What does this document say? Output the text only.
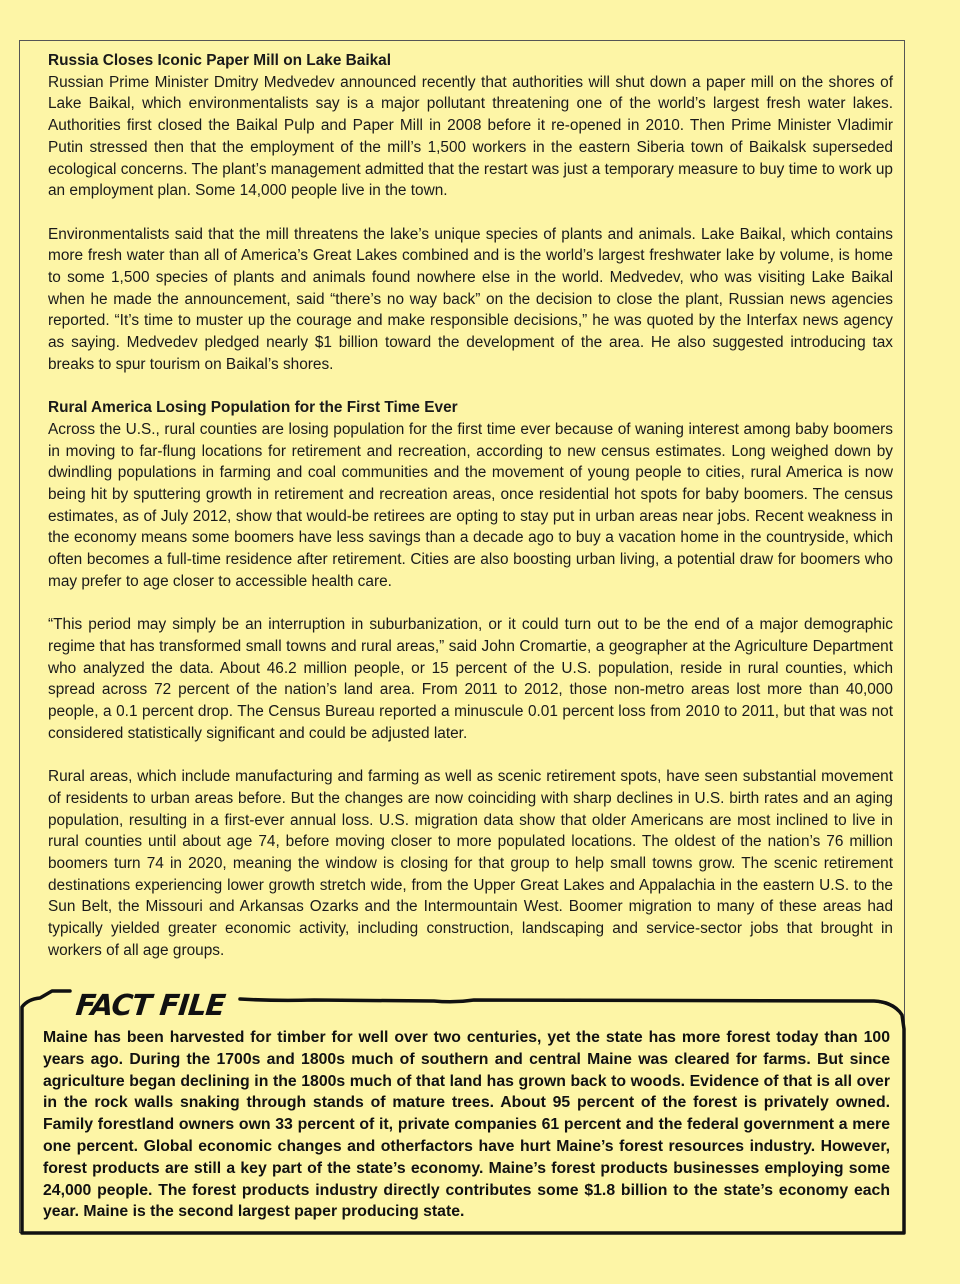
Russia Closes Iconic Paper Mill on Lake Baikal

Russian Prime Minister Dmitry Medvedev announced recently that authorities will shut down a paper mill on the shores of Lake Baikal, which environmentalists say is a major pollutant threatening one of the world’s largest fresh water lakes. Authorities first closed the Baikal Pulp and Paper Mill in 2008 before it re-opened in 2010. Then Prime Minister Vladimir Putin stressed then that the employment of the mill’s 1,500 workers in the eastern Siberia town of Baikalsk superseded ecological concerns. The plant’s management admitted that the restart was just a temporary measure to buy time to work up an employment plan. Some 14,000 people live in the town.

Environmentalists said that the mill threatens the lake’s unique species of plants and animals. Lake Baikal, which contains more fresh water than all of America’s Great Lakes combined and is the world’s largest freshwater lake by volume, is home to some 1,500 species of plants and animals found nowhere else in the world. Medvedev, who was visiting Lake Baikal when he made the announcement, said “there’s no way back” on the decision to close the plant, Russian news agencies reported. “It’s time to muster up the courage and make responsible decisions,” he was quoted by the Interfax news agency as saying. Medvedev pledged nearly $1 billion toward the development of the area. He also suggested introducing tax breaks to spur tourism on Baikal’s shores.

Rural America Losing Population for the First Time Ever

Across the U.S., rural counties are losing population for the first time ever because of waning interest among baby boomers in moving to far-flung locations for retirement and recreation, according to new census estimates. Long weighed down by dwindling populations in farming and coal communities and the movement of young people to cities, rural America is now being hit by sputtering growth in retirement and recreation areas, once residential hot spots for baby boomers. The census estimates, as of July 2012, show that would-be retirees are opting to stay put in urban areas near jobs. Recent weakness in the economy means some boomers have less savings than a decade ago to buy a vacation home in the countryside, which often becomes a full-time residence after retirement. Cities are also boosting urban living, a potential draw for boomers who may prefer to age closer to accessible health care.

“This period may simply be an interruption in suburbanization, or it could turn out to be the end of a major demographic regime that has transformed small towns and rural areas,” said John Cromartie, a geographer at the Agriculture Department who analyzed the data. About 46.2 million people, or 15 percent of the U.S. population, reside in rural counties, which spread across 72 percent of the nation’s land area. From 2011 to 2012, those non-metro areas lost more than 40,000 people, a 0.1 percent drop. The Census Bureau reported a minuscule 0.01 percent loss from 2010 to 2011, but that was not considered statistically significant and could be adjusted later.

Rural areas, which include manufacturing and farming as well as scenic retirement spots, have seen substantial movement of residents to urban areas before. But the changes are now coinciding with sharp declines in U.S. birth rates and an aging population, resulting in a first-ever annual loss. U.S. migration data show that older Americans are most inclined to live in rural counties until about age 74, before moving closer to more populated locations. The oldest of the nation’s 76 million boomers turn 74 in 2020, meaning the window is closing for that group to help small towns grow. The scenic retirement destinations experiencing lower growth stretch wide, from the Upper Great Lakes and Appalachia in the eastern U.S. to the Sun Belt, the Missouri and Arkansas Ozarks and the Intermountain West. Boomer migration to many of these areas had typically yielded greater economic activity, including construction, landscaping and service-sector jobs that brought in workers of all age groups.

FACT FILE

Maine has been harvested for timber for well over two centuries, yet the state has more forest today than 100 years ago. During the 1700s and 1800s much of southern and central Maine was cleared for farms. But since agriculture began declining in the 1800s much of that land has grown back to woods. Evidence of that is all over in the rock walls snaking through stands of mature trees. About 95 percent of the forest is privately owned. Family forestland owners own 33 percent of it, private companies 61 percent and the federal government a mere one percent. Global economic changes and otherfactors have hurt Maine’s forest resources industry. However, forest products are still a key part of the state’s economy. Maine’s forest products businesses employing some 24,000 people. The forest products industry directly contributes some $1.8 billion to the state’s economy each year. Maine is the second largest paper producing state.
